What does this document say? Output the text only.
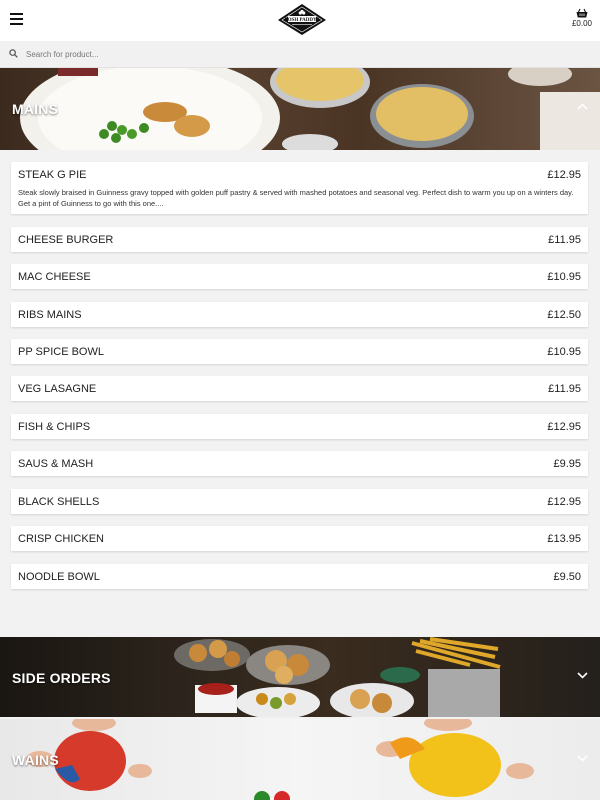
POSH PADDYS	£0.00
Search for product...
MAINS
STEAK G PIE	£12.95
Steak slowly braised in Guinness gravy topped with golden puff pastry & served with mashed potatoes and seasonal veg. Perfect dish to warm you up on a winters day. Get a pint of Guinness to go with this one....
CHEESE BURGER	£11.95
MAC CHEESE	£10.95
RIBS MAINS	£12.50
PP SPICE BOWL	£10.95
VEG LASAGNE	£11.95
FISH & CHIPS	£12.95
SAUS & MASH	£9.95
BLACK SHELLS	£12.95
CRISP CHICKEN	£13.95
NOODLE BOWL	£9.50
SIDE ORDERS
WAINS
